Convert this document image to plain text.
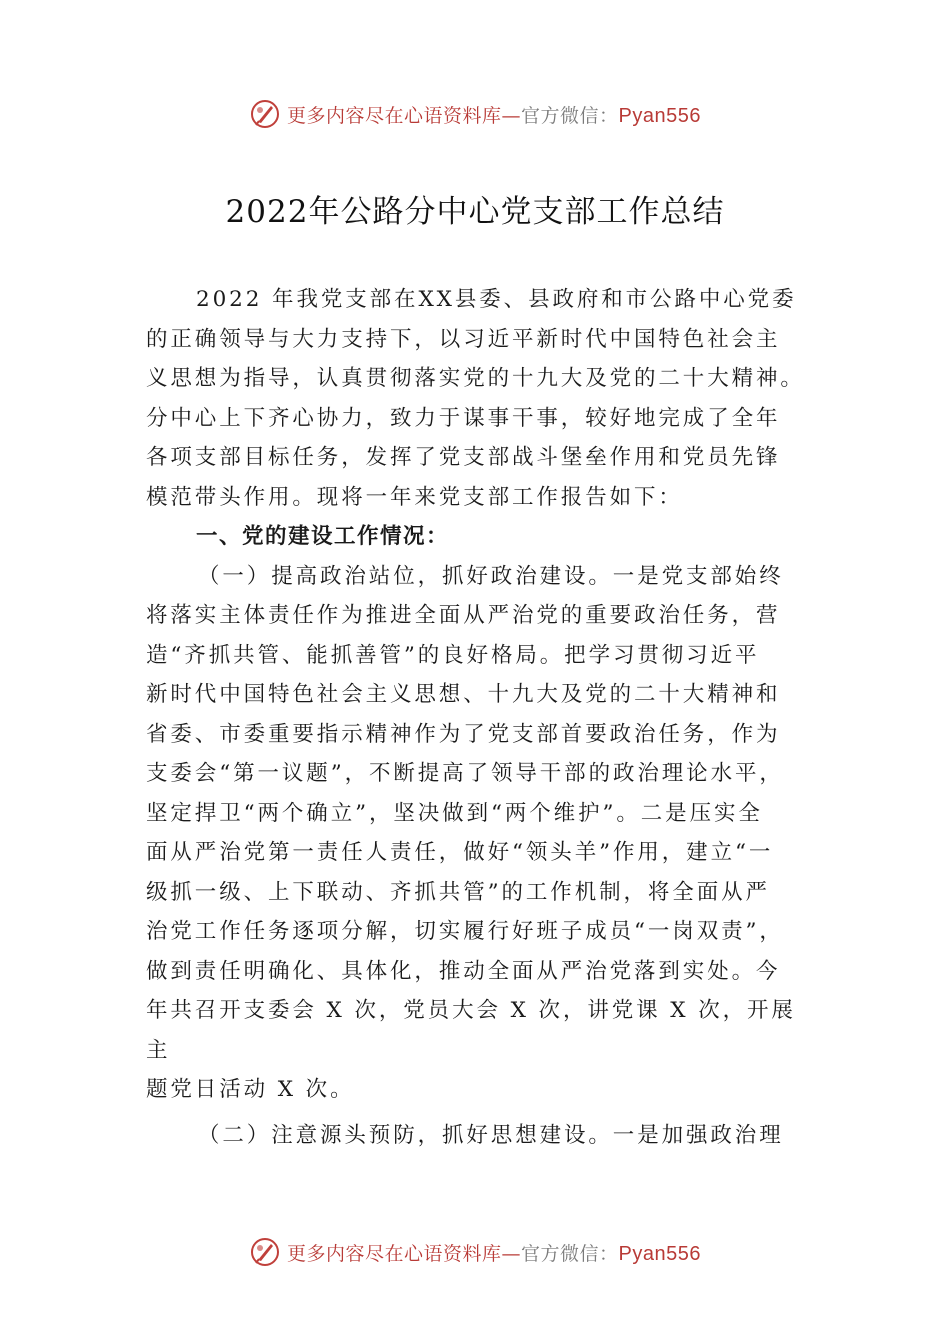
更多内容尽在心语资料库—官方微信：Pyan556
2022年公路分中心党支部工作总结
2022 年我党支部在XX县委、县政府和市公路中心党委
的正确领导与大力支持下，以习近平新时代中国特色社会主
义思想为指导，认真贯彻落实党的十九大及党的二十大精神。
分中心上下齐心协力，致力于谋事干事，较好地完成了全年
各项支部目标任务，发挥了党支部战斗堡垒作用和党员先锋
模范带头作用。现将一年来党支部工作报告如下：
一、党的建设工作情况：
（一）提高政治站位，抓好政治建设。一是党支部始终
将落实主体责任作为推进全面从严治党的重要政治任务，营
造“齐抓共管、能抓善管”的良好格局。把学习贯彻习近平
新时代中国特色社会主义思想、十九大及党的二十大精神和
省委、市委重要指示精神作为了党支部首要政治任务，作为
支委会“第一议题”，不断提高了领导干部的政治理论水平，
坚定捍卫“两个确立”，坚决做到“两个维护”。二是压实全
面从严治党第一责任人责任，做好“领头羊”作用，建立“一
级抓一级、上下联动、齐抓共管”的工作机制，将全面从严
治党工作任务逐项分解，切实履行好班子成员“一岗双责”，
做到责任明确化、具体化，推动全面从严治党落到实处。今
年共召开支委会 X 次，党员大会 X 次，讲党课 X 次，开展
主
题党日活动 X 次。
（二）注意源头预防，抓好思想建设。一是加强政治理
更多内容尽在心语资料库—官方微信：Pyan556
